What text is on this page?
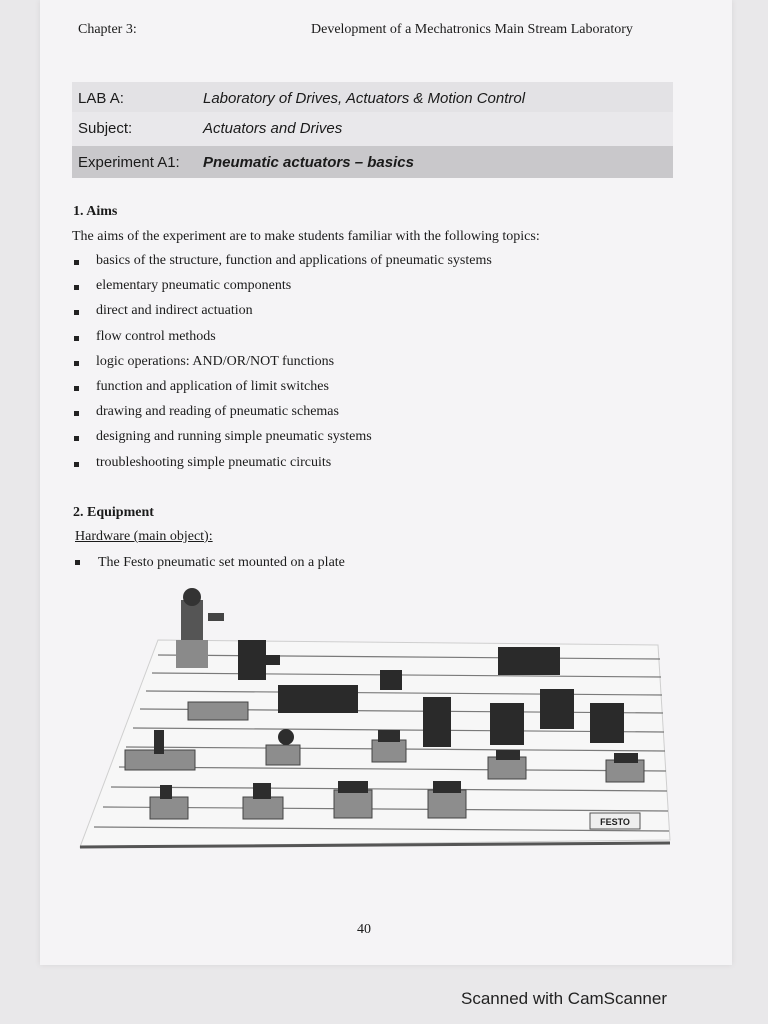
Chapter 3:	Development of a Mechatronics Main Stream Laboratory
LAB A:	Laboratory of Drives, Actuators & Motion Control
Subject:	Actuators and Drives
Experiment A1: Pneumatic actuators – basics
1. Aims
The aims of the experiment are to make students familiar with the following topics:
basics of the structure, function and applications of pneumatic systems
elementary pneumatic components
direct and indirect actuation
flow control methods
logic operations: AND/OR/NOT functions
function and application of limit switches
drawing and reading of pneumatic schemas
designing and running simple pneumatic systems
troubleshooting simple pneumatic circuits
2. Equipment
Hardware (main object):
The Festo pneumatic set mounted on a plate
FESTO
40
Scanned with CamScanner
